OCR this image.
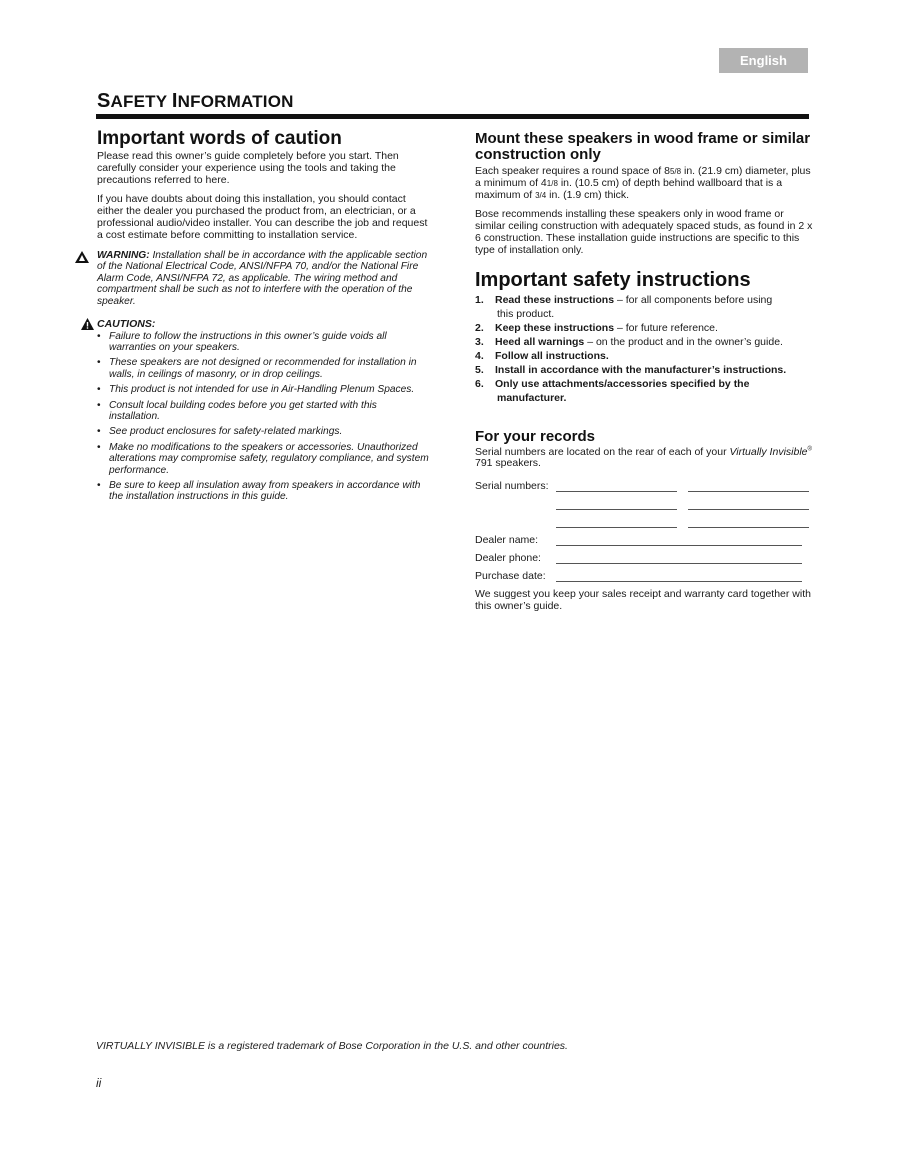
English
SAFETY INFORMATION
Important words of caution

Please read this owner’s guide completely before you start. Then carefully consider your experience using the tools and taking the precautions referred to here.

If you have doubts about doing this installation, you should contact either the dealer you purchased the product from, an electrician, or a professional audio/video installer. You can describe the job and request a cost estimate before committing to installation service.

WARNING: Installation shall be in accordance with the applicable section of the National Electrical Code, ANSI/NFPA 70, and/or the National Fire Alarm Code, ANSI/NFPA 72, as applicable. The wiring method and compartment shall be such as not to interfere with the operation of the speaker.
CAUTIONS:
• Failure to follow the instructions in this owner’s guide voids all warranties on your speakers.
• These speakers are not designed or recommended for installation in walls, in ceilings of masonry, or in drop ceilings.
• This product is not intended for use in Air-Handling Plenum Spaces.
• Consult local building codes before you get started with this installation.
• See product enclosures for safety-related markings.
• Make no modifications to the speakers or accessories. Unauthorized alterations may compromise safety, regulatory compliance, and system performance.
• Be sure to keep all insulation away from speakers in accordance with the installation instructions in this guide.
Mount these speakers in wood frame or similar construction only

Each speaker requires a round space of 85/8 in. (21.9 cm) diameter, plus a minimum of 41/8 in. (10.5 cm) of depth behind wallboard that is a maximum of 3/4 in. (1.9 cm) thick.

Bose recommends installing these speakers only in wood frame or similar ceiling construction with adequately spaced studs, as found in 2 x 6 construction. These installation guide instructions are specific to this type of installation only.

Important safety instructions
1. Read these instructions – for all components before using
this product.
2. Keep these instructions – for future reference.
3. Heed all warnings – on the product and in the owner’s guide.
4. Follow all instructions.
5. Install in accordance with the manufacturer’s instructions.
6. Only use attachments/accessories specified by the
manufacturer.
For your records

Serial numbers are located on the rear of each of your Virtually Invisible® 791 speakers.

Serial numbers:
Dealer name:
Dealer phone:
Purchase date:

We suggest you keep your sales receipt and warranty card together with this owner’s guide.

VIRTUALLY INVISIBLE is a registered trademark of Bose Corporation in the U.S. and other countries.
ii
